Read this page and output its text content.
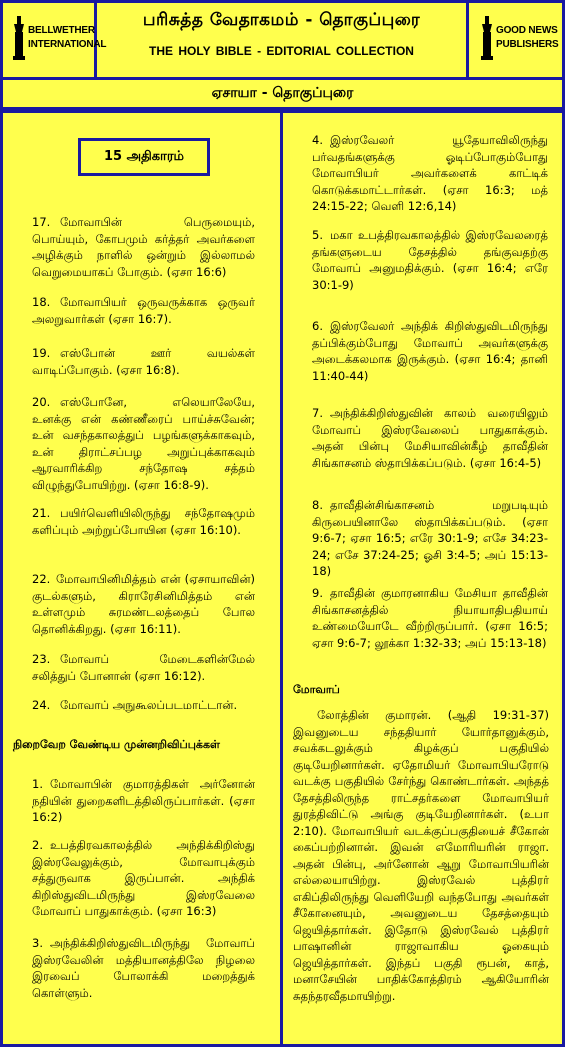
BELLWETHER INTERNATIONAL
GOOD NEWS PUBLISHERS
பரிசுத்த வேதாகமம் - தொகுப்புரை
THE HOLY BIBLE - EDITORIAL COLLECTION
ஏசாயா - தொகுப்புரை
15 அதிகாரம்
17. மோவாபின் பெருமையும், பொய்யும், கோபமும் கர்த்தர் அவர்களை அழிக்கும் நாளில் ஒன்றும் இல்லாமல் வெறுமையாகப் போகும். (ஏசா 16:6)
18. மோவாபியர் ஒருவருக்காக ஒருவர் அலறுவார்கள் (ஏசா 16:7).
19. எஸ்போன் ஊர் வயல்கள் வாடிப்போகும். (ஏசா 16:8).
20. எஸ்போனே, எலெயாலேயே, உனக்கு என் கண்ணீரைப் பாய்ச்சுவேன்; உன் வசந்தகாலத்துப் பழங்களுக்காகவும், உன் திராட்சப்பழ அறுப்புக்காகவும் ஆரவாரிக்கிற சந்தோஷ சத்தம் விழுந்துபோயிற்று. (ஏசா 16:8-9).
21. பயிர்வெளியிலிருந்து சந்தோஷமும் களிப்பும் அற்றுப்போயின (ஏசா 16:10).
22. மோவாபினிமித்தம் என் (ஏசாயாவின்) குடல்களும், கிராரேசினிமித்தம் என் உள்ளமும் சுரமண்டலத்தைப் போல தொனிக்கிறது. (ஏசா 16:11).
23. மோவாப் மேடைகளின்மேல் சலித்துப் போனான் (ஏசா 16:12).
24. மோவாப் அநுகூலப்படமாட்டான்.
நிறைவேற வேண்டிய முன்னறிவிப்புக்கள்
1. மோவாபின் குமாரத்திகள் அர்னோன் நதியின் துறைகளிடத்திலிருப்பார்கள். (ஏசா 16:2)
2. உபத்திரவகாலத்தில் அந்திக்கிறிஸ்து இஸ்ரவேலுக்கும், மோவாபுக்கும் சத்துருவாக இருப்பான். அந்திக் கிறிஸ்துவிடமிருந்து இஸ்ரவேலை மோவாப் பாதுகாக்கும். (ஏசா 16:3)
3. அந்திக்கிறிஸ்துவிடமிருந்து மோவாப் இஸ்ரவேலின் மத்தியானத்திலே நிழலை இரவைப் போலாக்கி மறைத்துக் கொள்ளும்.
4. இஸ்ரவேலர் யூதேயாவிலிருந்து பர்வதங்களுக்கு ஓடிப்போகும்போது மோவாபியர் அவர்களைக் காட்டிக் கொடுக்கமாட்டார்கள். (ஏசா 16:3; மத் 24:15-22; வெளி 12:6,14)
5. மகா உபத்திரவகாலத்தில் இஸ்ரவேலரைத் தங்களுடைய தேசத்தில் தங்குவதற்கு மோவாப் அனுமதிக்கும். (ஏசா 16:4; எரே 30:1-9)
6. இஸ்ரவேலர் அந்திக் கிறிஸ்துவிடமிருந்து தப்பிக்கும்போது மோவாப் அவர்களுக்கு அடைக்கலமாக இருக்கும். (ஏசா 16:4; தானி 11:40-44)
7. அந்திக்கிறிஸ்துவின் காலம் வரையிலும் மோவாப் இஸ்ரவேலைப் பாதுகாக்கும். அதன் பின்பு மேசியாவின்கீழ் தாவீதின் சிங்காசனம் ஸ்தாபிக்கப்படும். (ஏசா 16:4-5)
8. தாவீதின்சிங்காசனம் மறுபடியும் கிருபையினாலே ஸ்தாபிக்கப்படும். (ஏசா 9:6-7; ஏசா 16:5; எரே 30:1-9; எசே 34:23-24; எசே 37:24-25; ஓசி 3:4-5; அப் 15:13-18)
9. தாவீதின் குமாரனாகிய மேசியா தாவீதின் சிங்காசனத்தில் நியாயாதிபதியாய் உண்மையோடே வீற்றிருப்பார். (ஏசா 16:5; ஏசா 9:6-7; லூக்கா 1:32-33; அப் 15:13-18)
மோவாப்
லோத்தின் குமாரன். (ஆதி 19:31-37) இவனுடைய சந்ததியார் யோர்தானுக்கும், சவக்கடலுக்கும் கிழக்குப் பகுதியில் குடியேறினார்கள். ஏதோமியர் மோவாபியரோடு வடக்கு பகுதியில் சேர்ந்து கொண்டார்கள். அந்தத் தேசத்திலிருந்த ராட்சதர்களை மோவாபியர் துரத்திவிட்டு அங்கு குடியேறினார்கள். (உபா 2:10). மோவாபியர் வடக்குப்பகுதியைச் சீகோன் கைப்பற்றினான். இவன் எமோரியரின் ராஜா. அதன் பின்பு, அர்னோன் ஆறு மோவாபியரின் எல்லையாயிற்று. இஸ்ரவேல் புத்திரர் எகிப்திலிருந்து வெளியேறி வந்தபோது அவர்கள் சீகோனையும், அவனுடைய தேசத்தையும் ஜெயித்தார்கள். இதோடு இஸ்ரவேல் புத்திரர் பாஷானின் ராஜாவாகிய ஓகையும் ஜெயித்தார்கள். இந்தப் பகுதி ரூபன், காத், மனாசேயின் பாதிக்கோத்திரம் ஆகியோரின் சுதந்தரவீதமாயிற்று.
